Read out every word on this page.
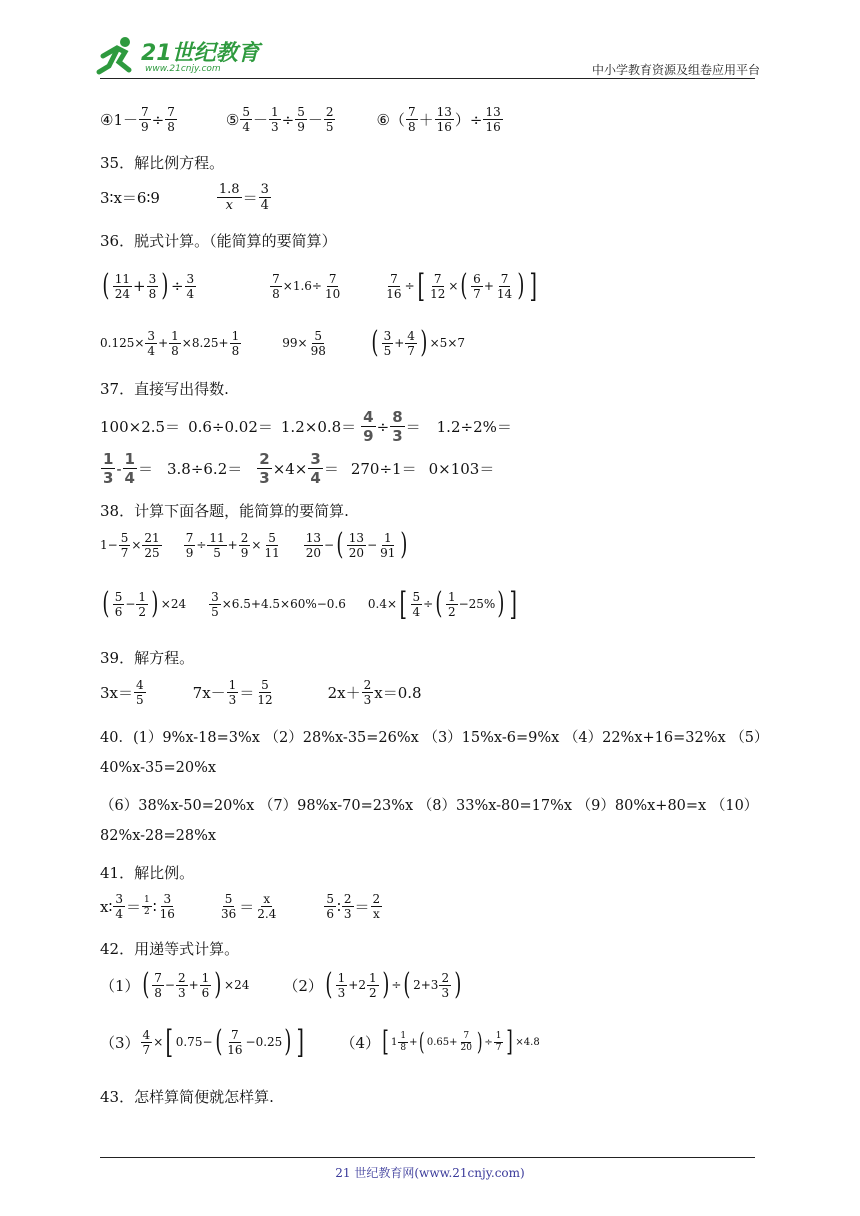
21世纪教育
www.21cnjy.com	中小学教育资源及组卷应用平台
④1－ 7
9 ÷ 7
8	⑤ 5
4 － 1
3 ÷ 5
9 － 2
5	⑥（ 7
8 ＋ 13
16 ）÷ $\frac{13}{16}$
35．解比例方程。
3∶x＝6∶9	1.8
x ＝ 3
4
36．脱式计算。（能简算的要简算）
( 11
24 + 3
8 ) ÷ 3
4
7
8
×1.6÷
7
10
7
16
÷ [ 7
12
× ( 6
7
+
7
14 ) ]
0.125×
3
4
+
1
8
×8.25+
1
8
99×
5
98 ( 3
5
+
4
7 ) ×5×7
37．直接写出得数.
100×2.5＝ 0.6÷0.02＝ 1.2×0.8＝
4
9
÷
8
3 ＝ 1.2÷2%＝
1
3
-
1
4 ＝ 3.8÷6.2＝
2
3
×4×
3
4 ＝ 270÷1＝ 0×103＝
38．计算下面各题，能简算的要简算.
1−
5
7
×
21
25
7
9
÷
11
5
+
2
9
×
5
11
13
20
− ( 13
20
−
1
91 )
( 5
6
−
1
2 ) ×24
3
5
×6.5+4.5×60%−0.6 0.4× [ 5
4
÷ ( 1
2
−25% ) ]
39．解方程。
3x＝ 4
5	7x－ 1
3 ＝ 5
12	2x＋ 2
3 x＝0.8
40．(1）9%x-18=3%x （2）28%x-35=26%x （3）15%x-6=9%x （4）22%x+16=32%x （5）
40%x-35=20%x
（6）38%x-50=20%x （7）98%x-70=23%x （8）33%x-80=17%x （9）80%x+80=x （10）
82%x-28=28%x
41．解比例。
x∶ 3
4 ＝ 1
2 ∶ 3
16
5
36 ＝ x
2.4
5
6 ∶ 2
3 ＝ 2
x
42．用递等式计算。
（1） ( 7
8
−
2
3
+
1
6 ) ×24 （2） ( 1
3
+2
1
2 ) ÷ ( 2+3
2
3 )
（3） 4
7
× [ 0.75− ( 7
16
−0.25 ) ] （4） [ 1
1
8 + ( 0.65+
7
20 ) ÷
1
7 ] ×4.8
43．怎样算简便就怎样算.
21 世纪教育网(www.21cnjy.com)
